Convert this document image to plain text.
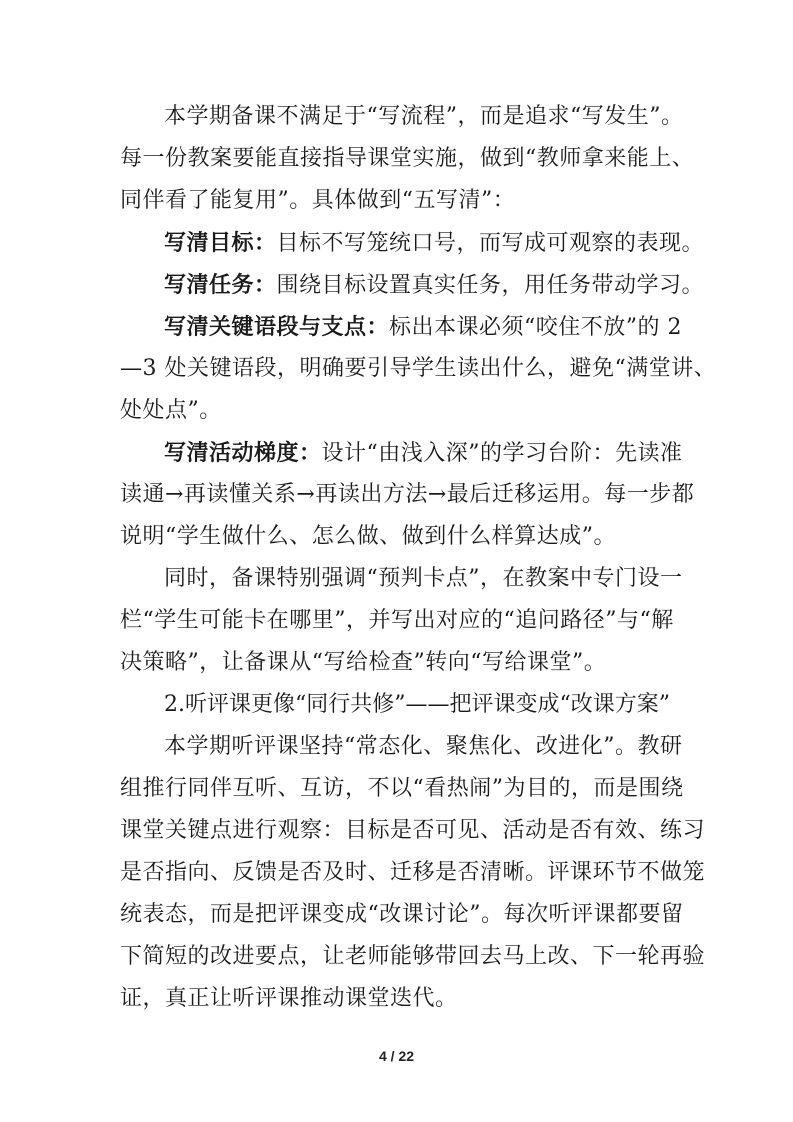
本学期备课不满足于“写流程”，而是追求“写发生”。
每一份教案要能直接指导课堂实施，做到“教师拿来能上、
同伴看了能复用”。具体做到“五写清”：
写清目标：目标不写笼统口号，而写成可观察的表现。
写清任务：围绕目标设置真实任务，用任务带动学习。
写清关键语段与支点：标出本课必须“咬住不放”的 2
—3 处关键语段，明确要引导学生读出什么，避免“满堂讲、
处处点”。
写清活动梯度：设计“由浅入深”的学习台阶：先读准
读通→再读懂关系→再读出方法→最后迁移运用。每一步都
说明“学生做什么、怎么做、做到什么样算达成”。
同时，备课特别强调“预判卡点”，在教案中专门设一
栏“学生可能卡在哪里”，并写出对应的“追问路径”与“解
决策略”，让备课从“写给检查”转向“写给课堂”。
2.听评课更像“同行共修”——把评课变成“改课方案”
本学期听评课坚持“常态化、聚焦化、改进化”。教研
组推行同伴互听、互访，不以“看热闹”为目的，而是围绕
课堂关键点进行观察：目标是否可见、活动是否有效、练习
是否指向、反馈是否及时、迁移是否清晰。评课环节不做笼
统表态，而是把评课变成“改课讨论”。每次听评课都要留
下简短的改进要点，让老师能够带回去马上改、下一轮再验
证，真正让听评课推动课堂迭代。
4 / 22
